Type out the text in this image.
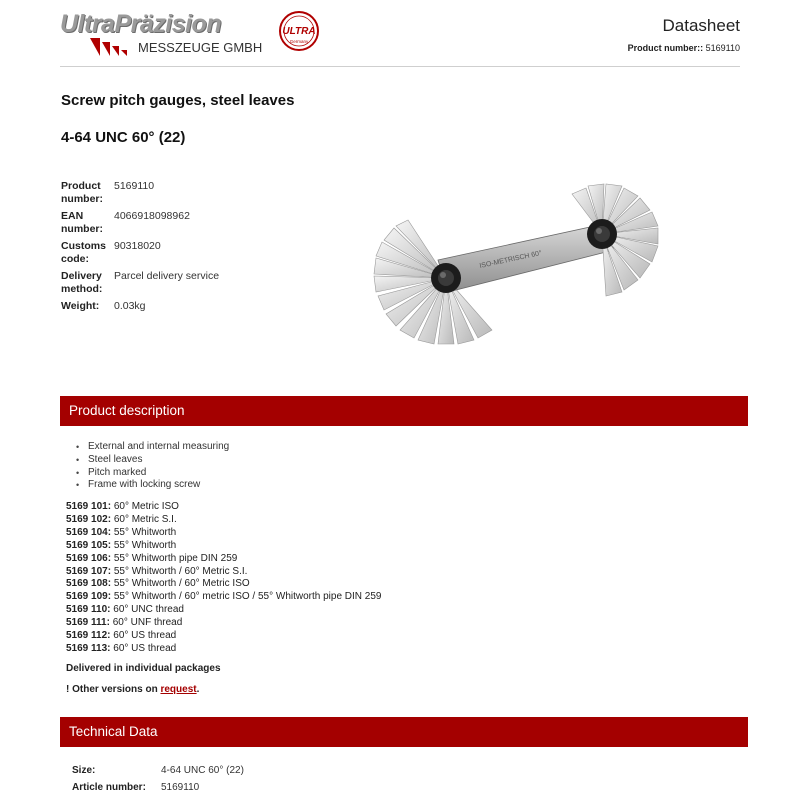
UltraPräzision
MESSZEUGE GMBH
ULTRA
Germany
Datasheet
Product number:: 5169110
Screw pitch gauges, steel leaves
4-64 UNC 60° (22)
Product number:	5169110
EAN number:	4066918098962
Customs code:	90318020
Delivery method:	Parcel delivery service
Weight:	0.03kg
ISO-METRISCH 60°
Product description
• External and internal measuring
• Steel leaves
• Pitch marked
• Frame with locking screw
5169 101: 60° Metric ISO
5169 102: 60° Metric S.I.
5169 104: 55° Whitworth
5169 105: 55° Whitworth
5169 106: 55° Whitworth pipe DIN 259
5169 107: 55° Whitworth / 60° Metric S.I.
5169 108: 55° Whitworth / 60° Metric ISO
5169 109: 55° Whitworth / 60° metric ISO / 55° Whitworth pipe DIN 259
5169 110: 60° UNC thread
5169 111: 60° UNF thread
5169 112: 60° US thread
5169 113: 60° US thread
Delivered in individual packages
! Other versions on request.
Technical Data
Size:	4-64 UNC 60° (22)
Article number:	5169110
